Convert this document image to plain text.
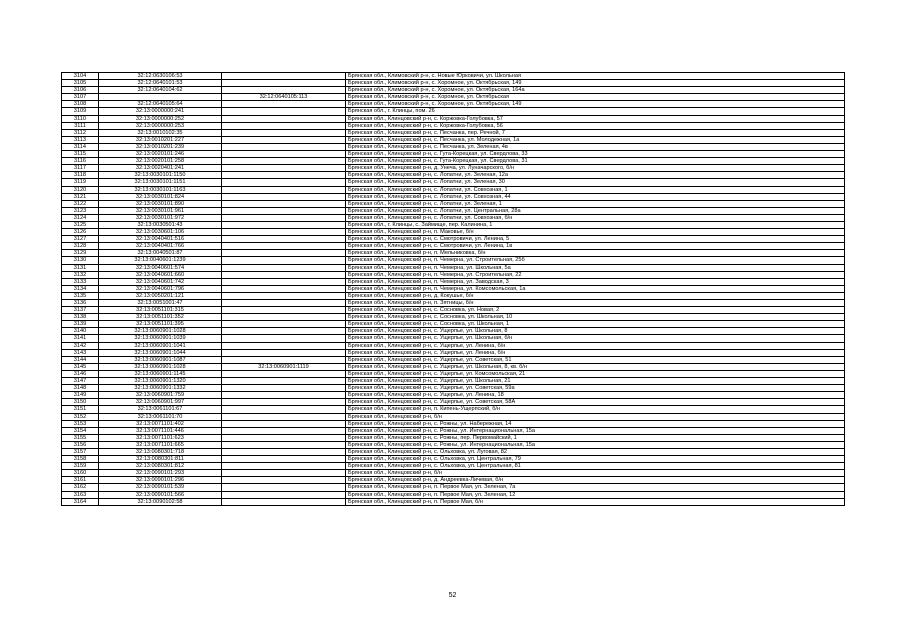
3104	32:12:0630106:53		Брянская обл., Климовский р-н, с. Новые Юрковичи, ул. Школьная
3105	32:12:0640101:53		Брянская обл., Климовский р-н, с. Хоромное, ул. Октябрьская, 149
3106	32:12:0640104:62		Брянская обл., Климовский р-н, с. Хоромное, ул. Октябрьская, 164а
3107		32:12:0640105:113	Брянская обл., Климовский р-н, с. Хоромное, ул. Октябрьская
3108	32:12:0640105:64		Брянская обл., Климовский р-н, с. Хоромное, ул. Октябрьская, 149
3109	32:13:0000000:241		Брянская обл., г. Клинцы, пом. 26
3110	32:13:0000000:252		Брянская обл., Клинцовский р-н, с. Коржовка-Голубовка, 57
3111	32:13:0000000:253		Брянская обл., Клинцовский р-н, с. Коржовка-Голубовка, 56
3112	32:13:0010102:35		Брянская обл., Клинцовский р-н, с. Песчанка, пер. Речной, 7
3113	32:13:0010201:227		Брянская обл., Клинцовский р-н, с. Песчанка, ул. Молодежная, 1а
3114	32:13:0010201:239		Брянская обл., Клинцовский р-н, с. Песчанка, ул. Зеленая, 4в
3115	32:13:0020101:246		Брянская обл., Клинцовский р-н, с. Гута-Корецкая, ул. Свердлова, 33
3116	32:13:0020101:258		Брянская обл., Клинцовский р-н, с. Гута-Корецкая, ул. Свердлова, 31
3117	32:13:0020401:241		Брянская обл., Клинцовский р-н, д. Унеча, ул. Луначарского, б/н
3118	32:13:0030101:1150		Брянская обл., Клинцовский р-н, с. Лопатни, ул. Зеленая, 12а
3119	32:13:0030101:1151		Брянская обл., Клинцовский р-н, с. Лопатни, ул. Зеленая, 30
3120	32:13:0030101:1163		Брянская обл., Клинцовский р-н, с. Лопатни, ул. Совхозная, 1
3121	32:13:0030101:824		Брянская обл., Клинцовский р-н, с. Лопатни, ул. Совхозная, 44
3122	32:13:0030101:890		Брянская обл., Клинцовский р-н, с. Лопатни, ул. Зеленая, 1
3123	32:13:0030101:961		Брянская обл., Клинцовский р-н, с. Лопатни, ул. Центральная, 28а
3124	32:13:0030101:972		Брянская обл., Клинцовский р-н, с. Лопатни, ул. Совхозная, б/н
3125	32:13:0030501:43		Брянская обл., г. Клинцы, с. Займище, пер. Калинина, 1
3126	32:13:0030601:106		Брянская обл., Клинцовский р-н, п. Маковье, б/н
3127	32:13:0040401:516		Брянская обл., Клинцовский р-н, с. Смотровичи, ул. Ленина, 5
3128	32:13:0040401:766		Брянская обл., Клинцовский р-н, с. Смотровичи, ул. Ленина, 1в
3129	32:13:0040501:87		Брянская обл., Клинцовский р-н, п. Мельниковка, б/н
3130	32:13:0040601:1239		Брянская обл., Клинцовский р-н, п. Чемерна, ул. Строительная, 25б
3131	32:13:0040601:574		Брянская обл., Клинцовский р-н, п. Чемерна, ул. Школьная, 5а
3132	32:13:0040601:660		Брянская обл., Клинцовский р-н, п. Чемерна, ул. Строительная, 22
3133	32:13:0040601:742		Брянская обл., Клинцовский р-н, п. Чемерна, ул. Заводская, 3
3134	32:13:0040601:796		Брянская обл., Клинцовский р-н, п. Чемерна, ул. Комсомольская, 1а
3135	32:13:0050201:121		Брянская обл., Клинцовский р-н, д. Кокушье, б/н
3136	32:13:0051001:47		Брянская обл., Клинцовский р-н, п. Зятницы, б/н
3137	32:13:0051101:315		Брянская обл., Клинцовский р-н, с. Сосновка, ул. Новая, 2
3138	32:13:0051101:352		Брянская обл., Клинцовский р-н, с. Сосновка, ул. Школьная, 10
3139	32:13:0051101:395		Брянская обл., Клинцовский р-н, с. Сосновка, ул. Школьная, 1
3140	32:13:0060901:1028		Брянская обл., Клинцовский р-н, с. Ущерпье, ул. Школьная, 8
3141	32:13:0060901:1039		Брянская обл., Клинцовский р-н, с. Ущерпье, ул. Школьная, б/н
3142	32:13:0060901:1041		Брянская обл., Клинцовский р-н, с. Ущерпье, ул. Ленина, б/н
3143	32:13:0060901:1044		Брянская обл., Клинцовский р-н, с. Ущерпье, ул. Ленина, б/н
3144	32:13:0060901:1087		Брянская обл., Клинцовский р-н, с. Ущерпье, ул. Советская, 51
3145	32:13:0060901:1028	32:13:0060901:1119	Брянская обл., Клинцовский р-н, с. Ущерпье, ул. Школьная, 8, кв. б/н
3146	32:13:0060901:1145		Брянская обл., Клинцовский р-н, с. Ущерпье, ул. Комсомольская, 21
3147	32:13:0060901:1320		Брянская обл., Клинцовский р-н, с. Ущерпье, ул. Школьная, 21
3148	32:13:0060901:1332		Брянская обл., Клинцовский р-н, с. Ущерпье, ул. Советская, 59а
3149	32:13:0060901:759		Брянская обл., Клинцовский р-н, с. Ущерпье, ул. Ленина, 18
3150	32:13:0060901:997		Брянская обл., Клинцовский р-н, с. Ущерпье, ул. Советская, 58А
3151	32:13:0061101:67		Брянская обл., Клинцовский р-н, п. Кипень-Ущерпский, б/н
3152	32:13:0061101:70		Брянская обл., Клинцовский р-н, б/н
3153	32:13:0071101:402		Брянская обл., Клинцовский р-н, с. Рожны, ул. Набережная, 14
3154	32:13:0071101:446		Брянская обл., Клинцовский р-н, с. Рожны, ул. Интернациональная, 15а
3155	32:13:0071101:623		Брянская обл., Клинцовский р-н, с. Рожны, пер. Первомайский, 1
3156	32:13:0071101:665		Брянская обл., Клинцовский р-н, с. Рожны, ул. Интернациональная, 15а
3157	32:13:0080301:718		Брянская обл., Клинцовский р-н, с. Ольховка, ул. Луговая, 82
3158	32:13:0080301:811		Брянская обл., Клинцовский р-н, с. Ольховка, ул. Центральная, 79
3159	32:13:0080301:812		Брянская обл., Клинцовский р-н, с. Ольховка, ул. Центральная, 81
3160	32:13:0090101:293		Брянская обл., Клинцовский р-н, б/н
3161	32:13:0090101:296		Брянская обл., Клинцовский р-н, д. Андреевка-Личевая, б/н
3162	32:13:0090101:539		Брянская обл., Клинцовский р-н, п. Первое Мая, ул. Зеленая, 7а
3163	32:13:0090101:566		Брянская обл., Клинцовский р-н, п. Первое Мая, ул. Зеленая, 12
3164	32:13:0090102:58		Брянская обл., Клинцовский р-н, п. Первое Мая, б/н
52
